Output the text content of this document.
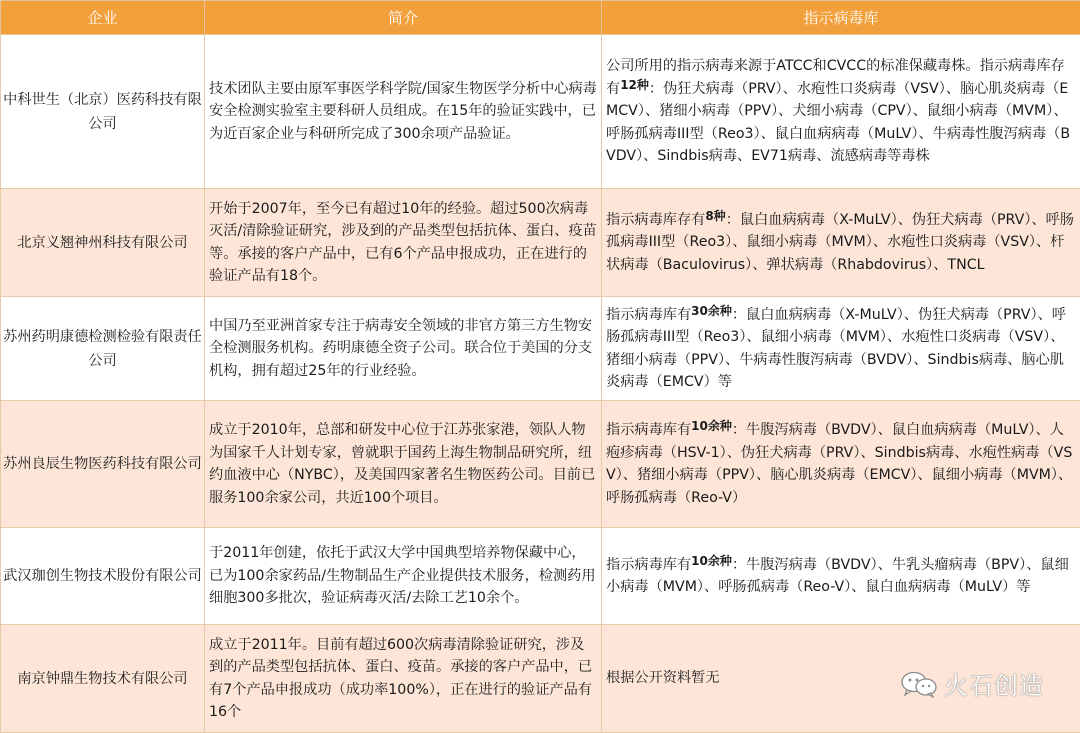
企业	简介	指示病毒库
中科世生（北京）医药科技有限公司	技术团队主要由原军事医学科学院/国家生物医学分析中心病毒安全检测实验室主要科研人员组成。在15年的验证实践中，已为近百家企业与科研所完成了300余项产品验证。	公司所用的指示病毒来源于ATCC和CVCC的标准保藏毒株。指示病毒库存有$^{12种}$：伪狂犬病毒（PRV）、水疱性口炎病毒（VSV）、脑心肌炎病毒（EMCV）、猪细小病毒（PPV）、犬细小病毒（CPV）、鼠细小病毒（MVM）、呼肠孤病毒III型（Reo3）、鼠白血病病毒（MuLV）、牛病毒性腹泻病毒（BVDV）、Sindbis病毒、EV71病毒、流感病毒等毒株
北京义翘神州科技有限公司	开始于2007年，至今已有超过10年的经验。超过500次病毒灭活/清除验证研究，涉及到的产品类型包括抗体、蛋白、疫苗等。承接的客户产品中，已有6个产品申报成功，正在进行的验证产品有18个。	指示病毒库存有$^{8种}$：鼠白血病病毒（X-MuLV）、伪狂犬病毒（PRV）、呼肠孤病毒III型（Reo3）、鼠细小病毒（MVM）、水疱性口炎病毒（VSV）、杆状病毒（Baculovirus）、弹状病毒（Rhabdovirus）、TNCL
苏州药明康德检测检验有限责任公司	中国乃至亚洲首家专注于病毒安全领域的非官方第三方生物安全检测服务机构。药明康德全资子公司。联合位于美国的分支机构，拥有超过25年的行业经验。	指示病毒库有$^{30余种}$：鼠白血病病毒（X-MuLV）、伪狂犬病毒（PRV）、呼肠孤病毒III型（Reo3）、鼠细小病毒（MVM）、水疱性口炎病毒（VSV）、猪细小病毒（PPV）、牛病毒性腹泻病毒（BVDV）、Sindbis病毒、脑心肌炎病毒（EMCV）等
苏州良辰生物医药科技有限公司	成立于2010年，总部和研发中心位于江苏张家港，领队人物为国家千人计划专家，曾就职于国药上海生物制品研究所，纽约血液中心（NYBC），及美国四家著名生物医药公司。目前已服务100余家公司，共近100个项目。	指示病毒库有$^{10余种}$：牛腹泻病毒（BVDV）、鼠白血病病毒（MuLV）、人疱疹病毒（HSV-1）、伪狂犬病毒（PRV）、Sindbis病毒、水疱性病毒（VSV）、猪细小病毒（PPV）、脑心肌炎病毒（EMCV）、鼠细小病毒（MVM）、呼肠孤病毒（Reo-V）
武汉珈创生物技术股份有限公司	于2011年创建，依托于武汉大学中国典型培养物保藏中心，已为100余家药品/生物制品生产企业提供技术服务，检测药用细胞300多批次，验证病毒灭活/去除工艺10余个。	指示病毒库有$^{10余种}$：牛腹泻病毒（BVDV）、牛乳头瘤病毒（BPV）、鼠细小病毒（MVM）、呼肠孤病毒（Reo-V）、鼠白血病病毒（MuLV）等
南京钟鼎生物技术有限公司	成立于2011年。目前有超过600次病毒清除验证研究，涉及到的产品类型包括抗体、蛋白、疫苗。承接的客户产品中，已有7个产品申报成功（成功率100%），正在进行的验证产品有16个	根据公开资料暂无	火石创造
